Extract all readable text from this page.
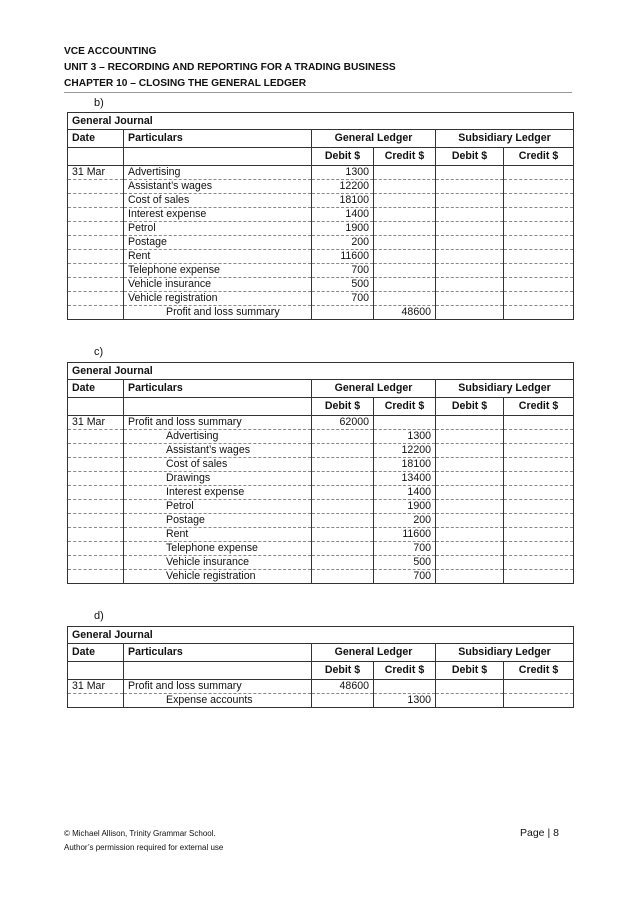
VCE ACCOUNTING
UNIT 3 – RECORDING AND REPORTING FOR A TRADING BUSINESS
CHAPTER 10 – CLOSING THE GENERAL LEDGER
b)
General Journal					
Date	Particulars	General Ledger		Subsidiary Ledger	
		Debit $	Credit $	Debit $	Credit $
31 Mar	Advertising	1300			
	Assistant’s wages	12200			
	Cost of sales	18100			
	Interest expense	1400			
	Petrol	1900			
	Postage	200			
	Rent	11600			
	Telephone expense	700			
	Vehicle insurance	500			
	Vehicle registration	700			
	Profit and loss summary		48600		
c)
General Journal					
Date	Particulars	General Ledger		Subsidiary Ledger	
		Debit $	Credit $	Debit $	Credit $
31 Mar	Profit and loss summary	62000			
	Advertising		1300		
	Assistant’s wages		12200		
	Cost of sales		18100		
	Drawings		13400		
	Interest expense		1400		
	Petrol		1900		
	Postage		200		
	Rent		11600		
	Telephone expense		700		
	Vehicle insurance		500		
	Vehicle registration		700		
d)
General Journal					
Date	Particulars	General Ledger		Subsidiary Ledger	
		Debit $	Credit $	Debit $	Credit $
31 Mar	Profit and loss summary	48600			
	Expense accounts		1300		
© Michael Allison, Trinity Grammar School.
Author’s permission required for external use
Page | 8
